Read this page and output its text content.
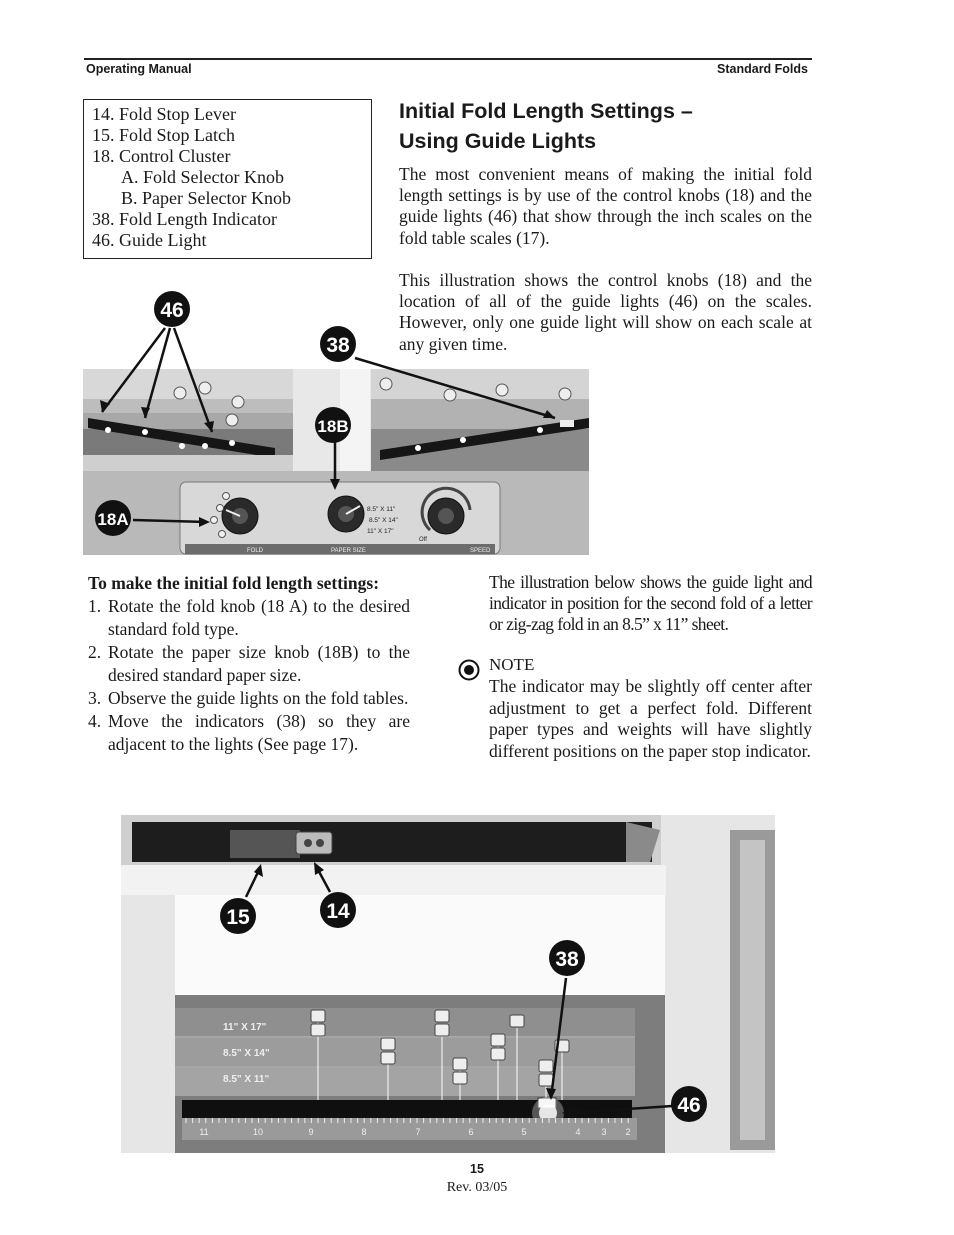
Operating Manual	Standard Folds
14. Fold Stop Lever
15. Fold Stop Latch
18. Control Cluster
A. Fold Selector Knob
B. Paper Selector Knob
38. Fold Length Indicator
46. Guide Light
Initial Fold Length Settings –
Using Guide Lights
The most convenient means of making the initial fold length settings is by use of the control knobs (18) and the guide lights (46) that show through the inch scales on the fold table scales (17).
This illustration shows the control knobs (18) and the location of all of the guide lights (46) on the scales. However, only one guide light will show on each scale at any given time.
8.5" X 11"
8.5" X 14"
11" X 17"
Off
FOLD	PAPER SIZE	SPEED
46
38
18B
18A
To make the initial fold length settings:
1. Rotate the fold knob (18 A) to the desired standard fold type.
2. Rotate the paper size knob (18B) to the desired standard paper size.
3. Observe the guide lights on the fold tables.
4. Move the indicators (38) so they are adjacent to the lights (See page 17).
The illustration below shows the guide light and indicator in position for the second fold of a letter or zig-zag fold in an 8.5” x 11” sheet.
NOTE
The indicator may be slightly off center after adjustment to get a perfect fold. Different paper types and weights will have slightly different positions on the paper stop indicator.
11" X 17"
8.5" X 14"
8.5" X 11"
11	10	9	8	7	6	5	4 3 2
15	14
38
46
15
Rev. 03/05
